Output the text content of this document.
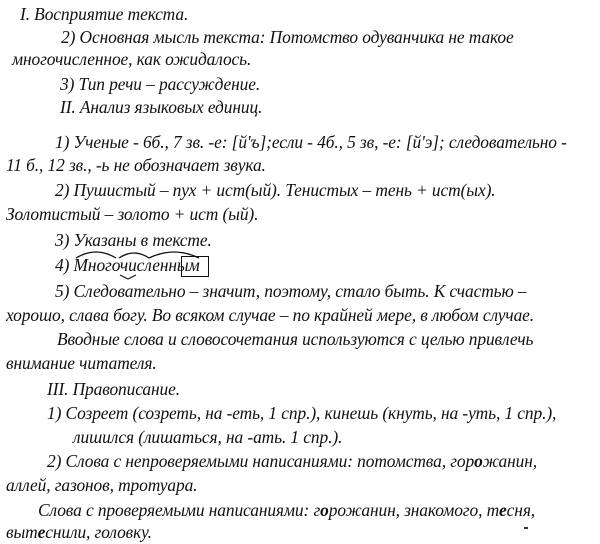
I. Восприятие текста.
2) Основная мысль текста: Потомство одуванчика не такое
многочисленное, как ожидалось.
3) Тип речи – рассуждение.
II. Анализ языковых единиц.
1) Ученые - 6б., 7 зв. -е: [й'ъ];если - 4б., 5 зв, -е: [й'э]; следовательно -
11 б., 12 зв., -ь не обозначает звука.
2) Пушистый – пух + ист(ый). Тенистых – тень + ист(ых).
Золотистый – золото + ист (ый).
3) Указаны в тексте.
4) Многочисленным
5) Следовательно – значит, поэтому, стало быть. К счастью –
хорошо, слава богу. Во всяком случае – по крайней мере, в любом случае.
Вводные слова и словосочетания используются с целью привлечь
внимание читателя.
III. Правописание.
1) Созреет (созреть, на -еть, 1 спр.), кинешь (кнуть, на -уть, 1 спр.),
лишился (лишаться, на -ать. 1 спр.).
2) Слова с непроверяемыми написаниями: потомства, горожанин,
аллей, газонов, тротуара.
Слова с проверяемыми написаниями: горожанин, знакомого, тесня,
вытеснили, головку.
